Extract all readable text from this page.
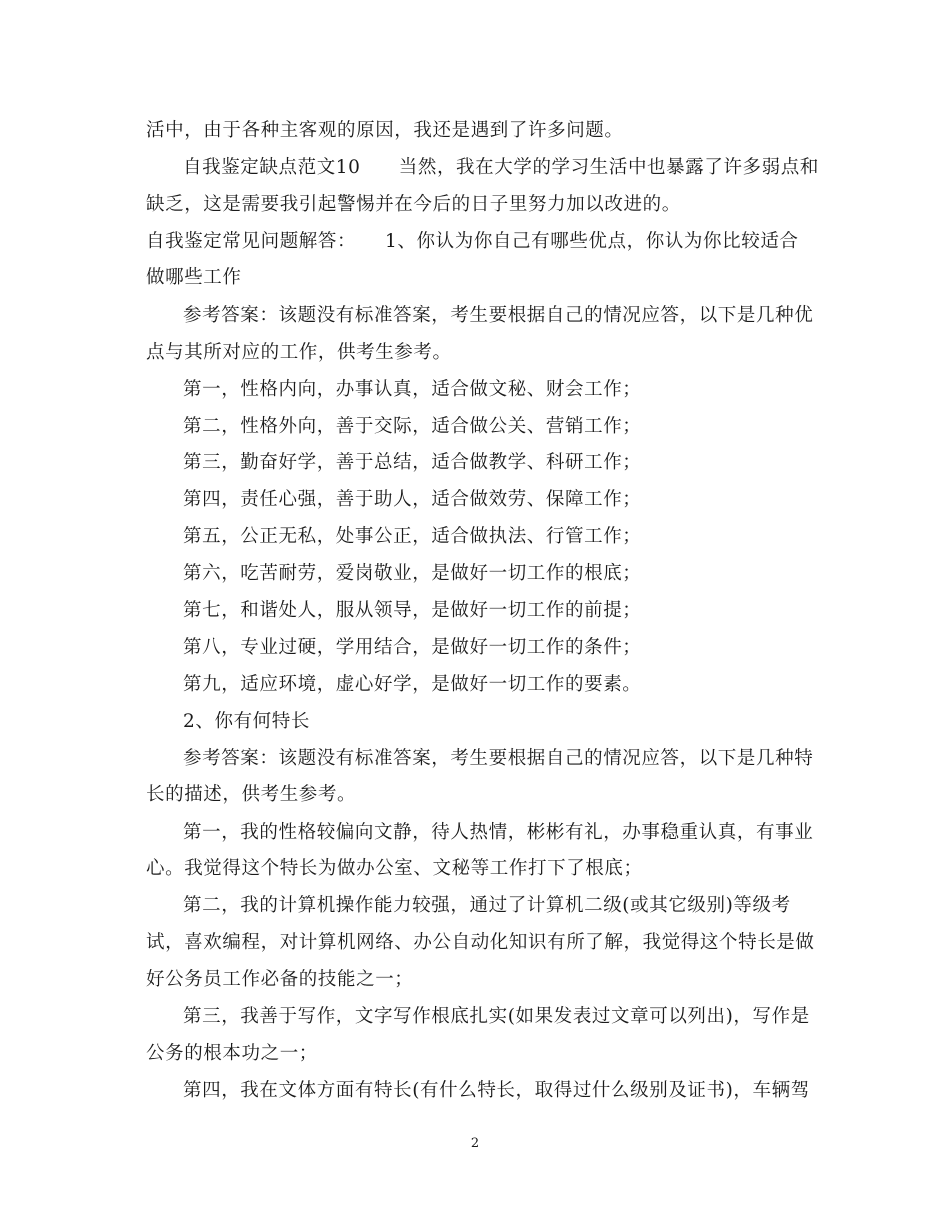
活中，由于各种主客观的原因，我还是遇到了许多问题。
自我鉴定缺点范文10　　当然，我在大学的学习生活中也暴露了许多弱点和
缺乏，这是需要我引起警惕并在今后的日子里努力加以改进的。
自我鉴定常见问题解答：　　1、你认为你自己有哪些优点，你认为你比较适合
做哪些工作
参考答案：该题没有标准答案，考生要根据自己的情况应答，以下是几种优
点与其所对应的工作，供考生参考。
第一，性格内向，办事认真，适合做文秘、财会工作；
第二，性格外向，善于交际，适合做公关、营销工作；
第三，勤奋好学，善于总结，适合做教学、科研工作；
第四，责任心强，善于助人，适合做效劳、保障工作；
第五，公正无私，处事公正，适合做执法、行管工作；
第六，吃苦耐劳，爱岗敬业，是做好一切工作的根底；
第七，和谐处人，服从领导，是做好一切工作的前提；
第八，专业过硬，学用结合，是做好一切工作的条件；
第九，适应环境，虚心好学，是做好一切工作的要素。
2、你有何特长
参考答案：该题没有标准答案，考生要根据自己的情况应答，以下是几种特
长的描述，供考生参考。
第一，我的性格较偏向文静，待人热情，彬彬有礼，办事稳重认真，有事业
心。我觉得这个特长为做办公室、文秘等工作打下了根底；
第二，我的计算机操作能力较强，通过了计算机二级(或其它级别)等级考
试，喜欢编程，对计算机网络、办公自动化知识有所了解，我觉得这个特长是做
好公务员工作必备的技能之一；
第三，我善于写作，文字写作根底扎实(如果发表过文章可以列出)，写作是
公务的根本功之一；
第四，我在文体方面有特长(有什么特长，取得过什么级别及证书)，车辆驾
2
